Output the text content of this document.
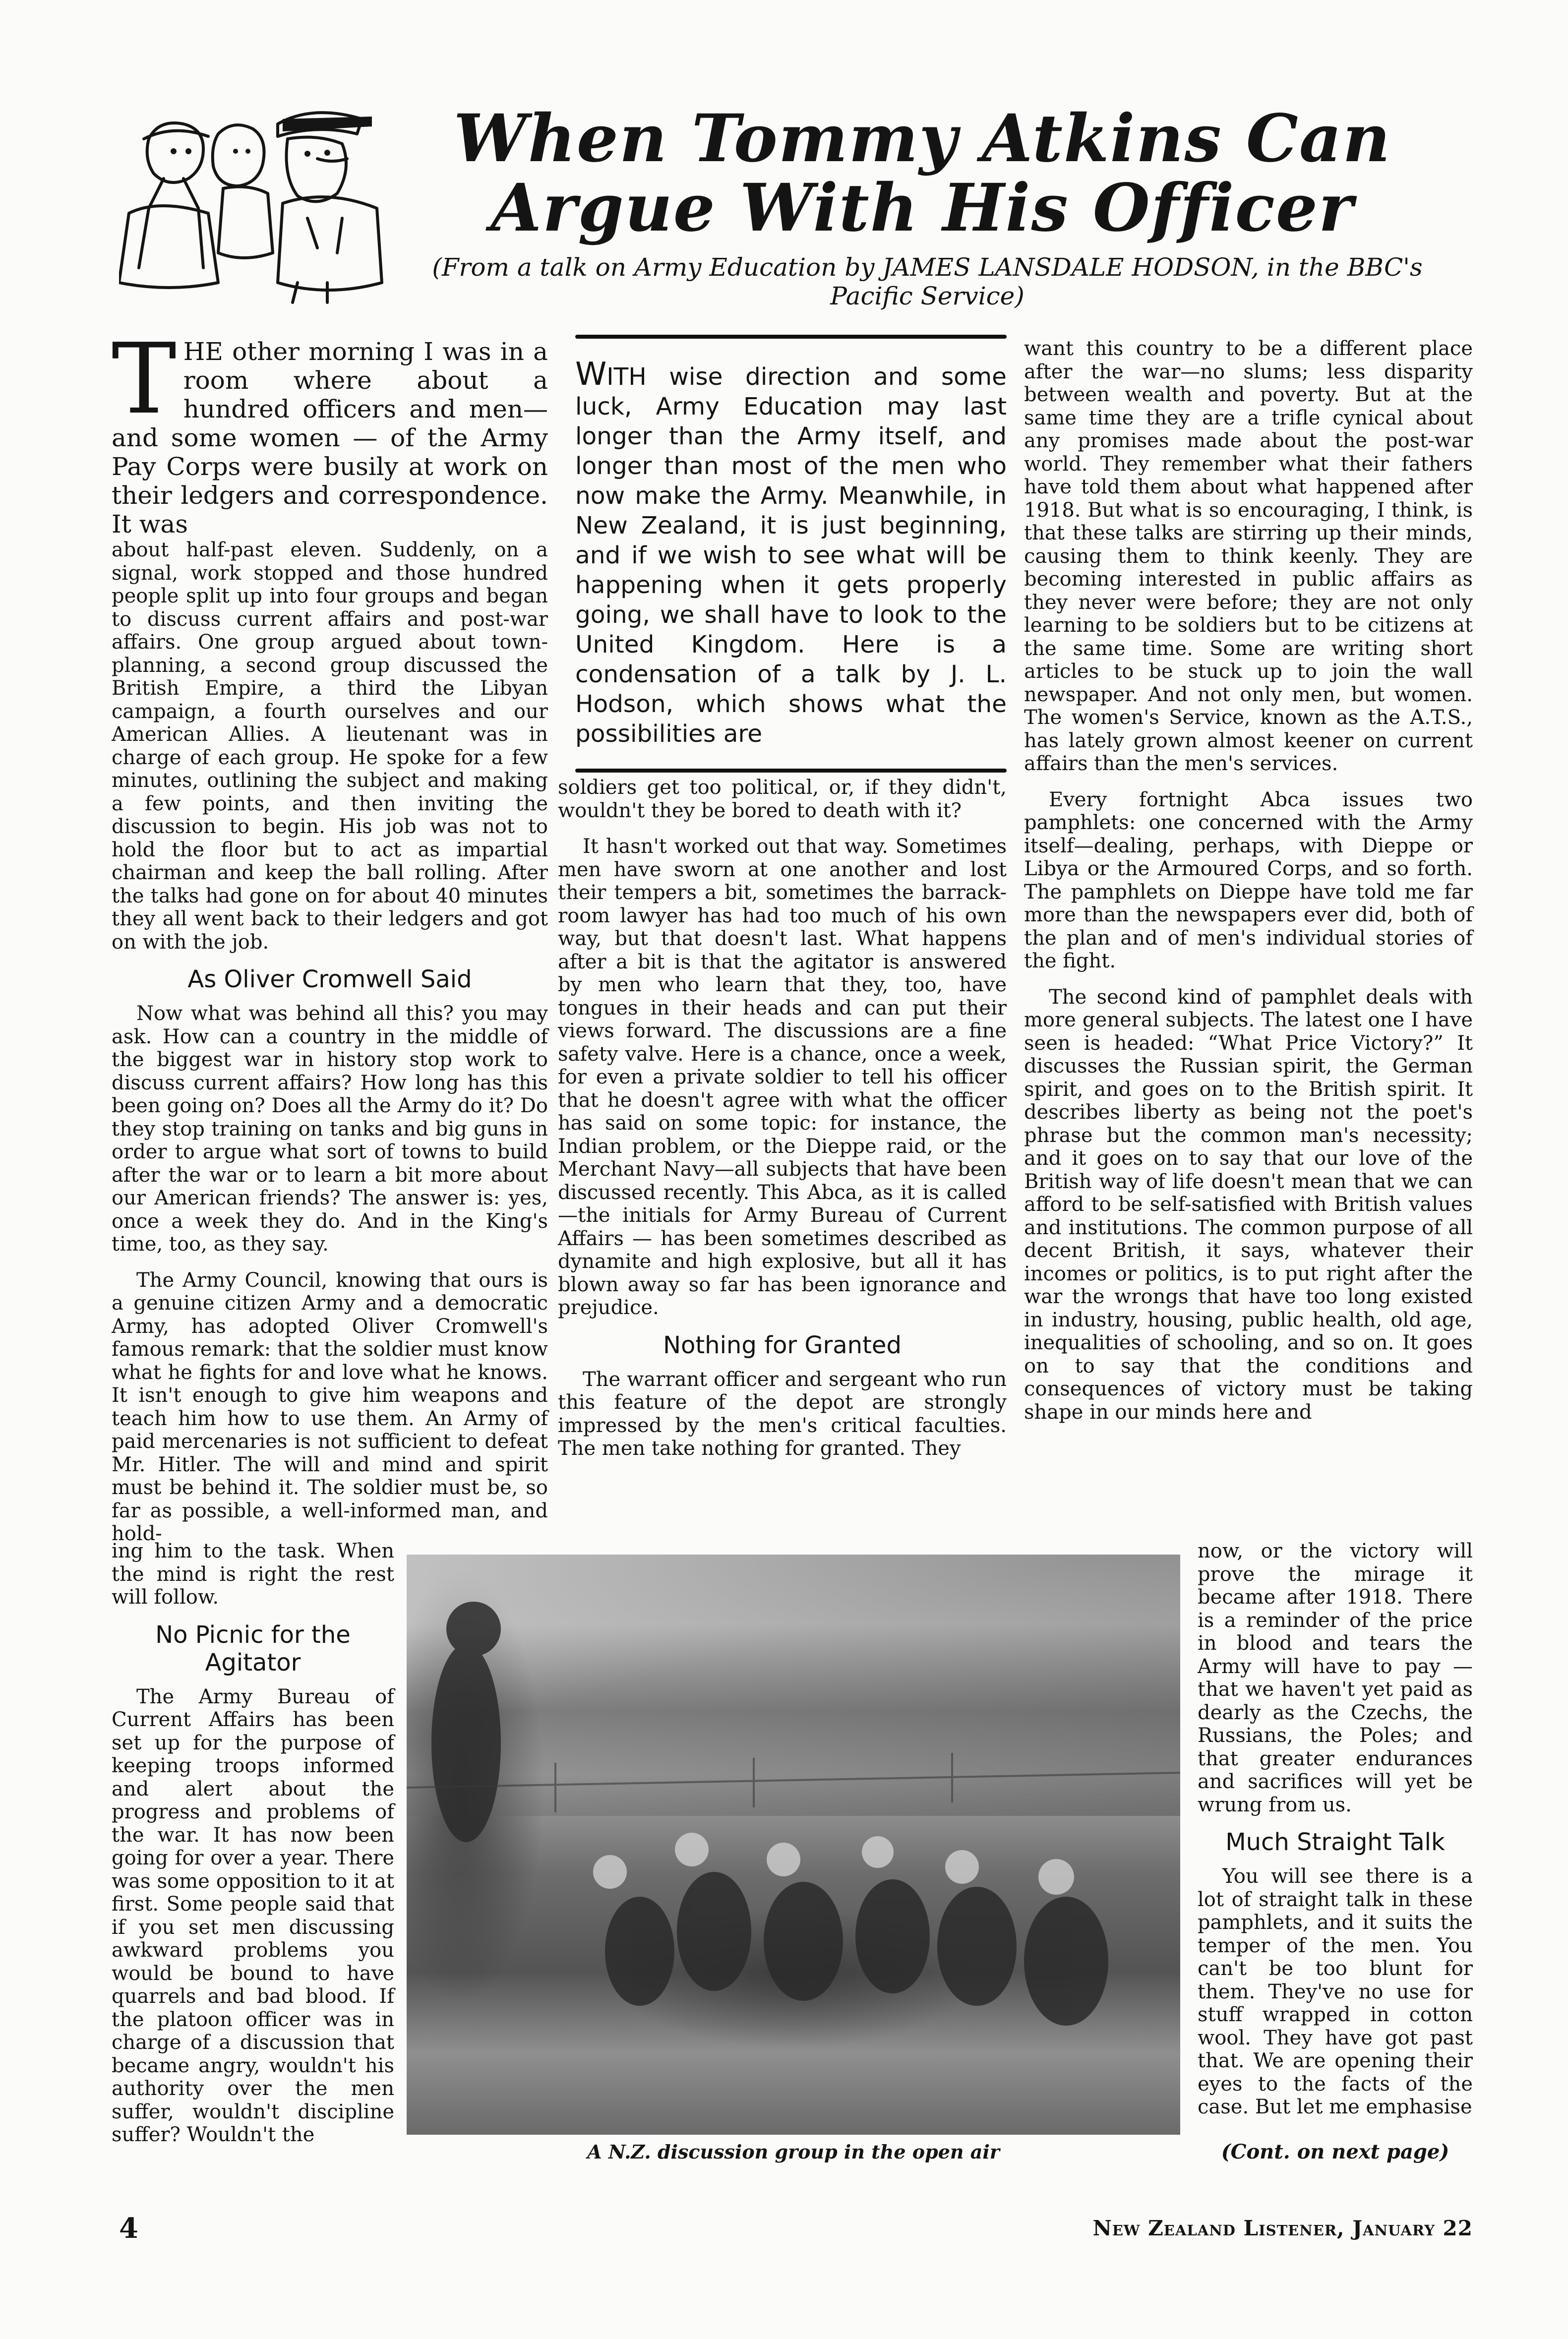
When Tommy Atkins Can
Argue With His Officer

(From a talk on Army Education by JAMES LANSDALE HODSON, in the BBC's

Pacific Service)

T HE other morning I was in a room where about a hundred officers and men—and some women — of the Army Pay Corps were busily at work on their ledgers and correspondence. It was

about half-past eleven. Suddenly, on a signal, work stopped and those hundred people split up into four groups and began to discuss current affairs and post-war affairs. One group argued about town-planning, a second group discussed the British Empire, a third the Libyan campaign, a fourth ourselves and our American Allies. A lieutenant was in charge of each group. He spoke for a few minutes, outlining the subject and making a few points, and then inviting the discussion to begin. His job was not to hold the floor but to act as impartial chairman and keep the ball rolling. After the talks had gone on for about 40 minutes they all went back to their ledgers and got on with the job.

As Oliver Cromwell Said

Now what was behind all this? you may ask. How can a country in the middle of the biggest war in history stop work to discuss current affairs? How long has this been going on? Does all the Army do it? Do they stop training on tanks and big guns in order to argue what sort of towns to build after the war or to learn a bit more about our American friends? The answer is: yes, once a week they do. And in the King's time, too, as they say.

The Army Council, knowing that ours is a genuine citizen Army and a democratic Army, has adopted Oliver Cromwell's famous remark: that the soldier must know what he fights for and love what he knows. It isn't enough to give him weapons and teach him how to use them. An Army of paid mercenaries is not sufficient to defeat Mr. Hitler. The will and mind and spirit must be behind it. The soldier must be, so far as possible, a well-informed man, and hold-

ing him to the task. When the mind is right the rest will follow.

No Picnic for the Agitator

The Army Bureau of Current Affairs has been set up for the purpose of keeping troops informed and alert about the progress and problems of the war. It has now been going for over a year. There was some opposition to it at first. Some people said that if you set men discussing awkward problems you would be bound to have quarrels and bad blood. If the platoon officer was in charge of a discussion that became angry, wouldn't his authority over the men suffer, wouldn't discipline suffer? Wouldn't the

WITH wise direction and some luck, Army Education may last longer than the Army itself, and longer than most of the men who now make the Army. Meanwhile, in New Zealand, it is just beginning, and if we wish to see what will be happening when it gets properly going, we shall have to look to the United Kingdom. Here is a condensation of a talk by J. L. Hodson, which shows what the possibilities are

soldiers get too political, or, if they didn't, wouldn't they be bored to death with it?

It hasn't worked out that way. Sometimes men have sworn at one another and lost their tempers a bit, sometimes the barrack-room lawyer has had too much of his own way, but that doesn't last. What happens after a bit is that the agitator is answered by men who learn that they, too, have tongues in their heads and can put their views forward. The discussions are a fine safety valve. Here is a chance, once a week, for even a private soldier to tell his officer that he doesn't agree with what the officer has said on some topic: for instance, the Indian problem, or the Dieppe raid, or the Merchant Navy—all subjects that have been discussed recently. This Abca, as it is called —the initials for Army Bureau of Current Affairs — has been sometimes described as dynamite and high explosive, but all it has blown away so far has been ignorance and prejudice.

Nothing for Granted

The warrant officer and sergeant who run this feature of the depot are strongly impressed by the men's critical faculties. The men take nothing for granted. They

want this country to be a different place after the war—no slums; less disparity between wealth and poverty. But at the same time they are a trifle cynical about any promises made about the post-war world. They remember what their fathers have told them about what happened after 1918. But what is so encouraging, I think, is that these talks are stirring up their minds, causing them to think keenly. They are becoming interested in public affairs as they never were before; they are not only learning to be soldiers but to be citizens at the same time. Some are writing short articles to be stuck up to join the wall newspaper. And not only men, but women. The women's Service, known as the A.T.S., has lately grown almost keener on current affairs than the men's services.

Every fortnight Abca issues two pamphlets: one concerned with the Army itself—dealing, perhaps, with Dieppe or Libya or the Armoured Corps, and so forth. The pamphlets on Dieppe have told me far more than the newspapers ever did, both of the plan and of men's individual stories of the fight.

The second kind of pamphlet deals with more general subjects. The latest one I have seen is headed: “What Price Victory?” It discusses the Russian spirit, the German spirit, and goes on to the British spirit. It describes liberty as being not the poet's phrase but the common man's necessity; and it goes on to say that our love of the British way of life doesn't mean that we can afford to be self-satisfied with British values and institutions. The common purpose of all decent British, it says, whatever their incomes or politics, is to put right after the war the wrongs that have too long existed in industry, housing, public health, old age, inequalities of schooling, and so on. It goes on to say that the conditions and consequences of victory must be taking shape in our minds here and

now, or the victory will prove the mirage it became after 1918. There is a reminder of the price in blood and tears the Army will have to pay — that we haven't yet paid as dearly as the Czechs, the Russians, the Poles; and that greater endurances and sacrifices will yet be wrung from us.

Much Straight Talk

You will see there is a lot of straight talk in these pamphlets, and it suits the temper of the men. You can't be too blunt for them. They've no use for stuff wrapped in cotton wool. They have got past that. We are opening their eyes to the facts of the case. But let me emphasise

A N.Z. discussion group in the open air	(Cont. on next page)
4	New Zealand Listener, January 22
